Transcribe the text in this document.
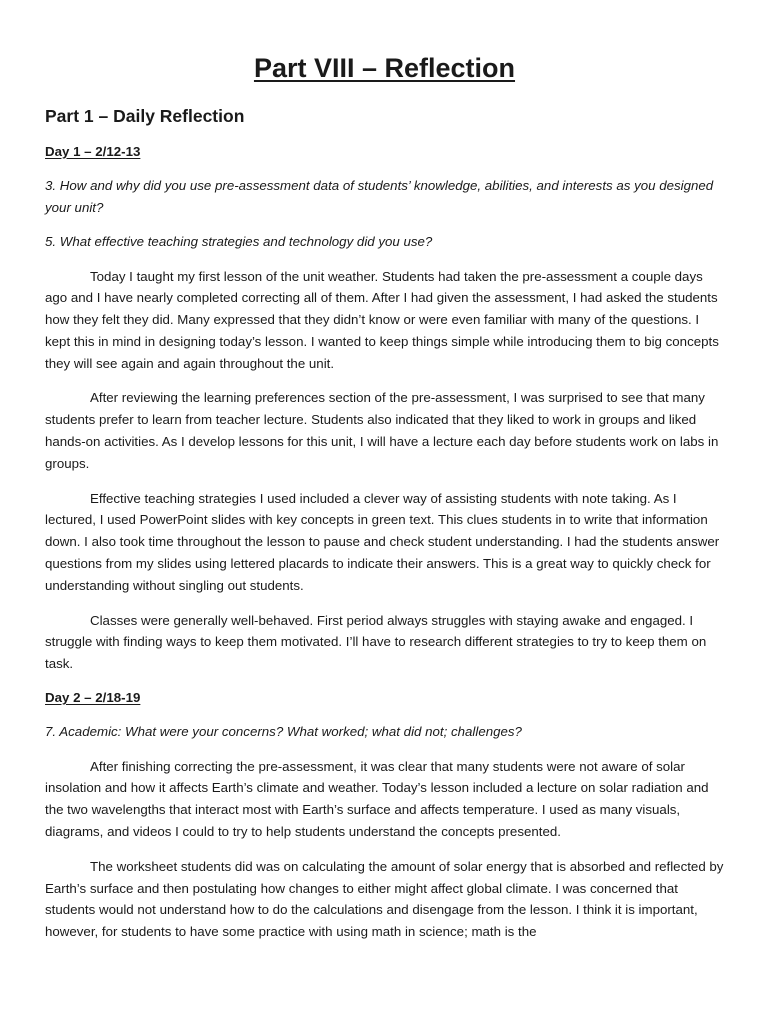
Part VIII – Reflection
Part 1 – Daily Reflection

Day 1 – 2/12-13

3. How and why did you use pre-assessment data of students’ knowledge, abilities, and interests as you designed your unit?

5. What effective teaching strategies and technology did you use?

Today I taught my first lesson of the unit weather. Students had taken the pre-assessment a couple days ago and I have nearly completed correcting all of them. After I had given the assessment, I had asked the students how they felt they did. Many expressed that they didn’t know or were even familiar with many of the questions. I kept this in mind in designing today’s lesson. I wanted to keep things simple while introducing them to big concepts they will see again and again throughout the unit.

After reviewing the learning preferences section of the pre-assessment, I was surprised to see that many students prefer to learn from teacher lecture. Students also indicated that they liked to work in groups and liked hands-on activities. As I develop lessons for this unit, I will have a lecture each day before students work on labs in groups.

Effective teaching strategies I used included a clever way of assisting students with note taking. As I lectured, I used PowerPoint slides with key concepts in green text. This clues students in to write that information down. I also took time throughout the lesson to pause and check student understanding. I had the students answer questions from my slides using lettered placards to indicate their answers. This is a great way to quickly check for understanding without singling out students.

Classes were generally well-behaved. First period always struggles with staying awake and engaged. I struggle with finding ways to keep them motivated. I’ll have to research different strategies to try to keep them on task.

Day 2 – 2/18-19

7. Academic: What were your concerns? What worked; what did not; challenges?

After finishing correcting the pre-assessment, it was clear that many students were not aware of solar insolation and how it affects Earth’s climate and weather. Today’s lesson included a lecture on solar radiation and the two wavelengths that interact most with Earth’s surface and affects temperature. I used as many visuals, diagrams, and videos I could to try to help students understand the concepts presented.

The worksheet students did was on calculating the amount of solar energy that is absorbed and reflected by Earth’s surface and then postulating how changes to either might affect global climate. I was concerned that students would not understand how to do the calculations and disengage from the lesson. I think it is important, however, for students to have some practice with using math in science; math is the
